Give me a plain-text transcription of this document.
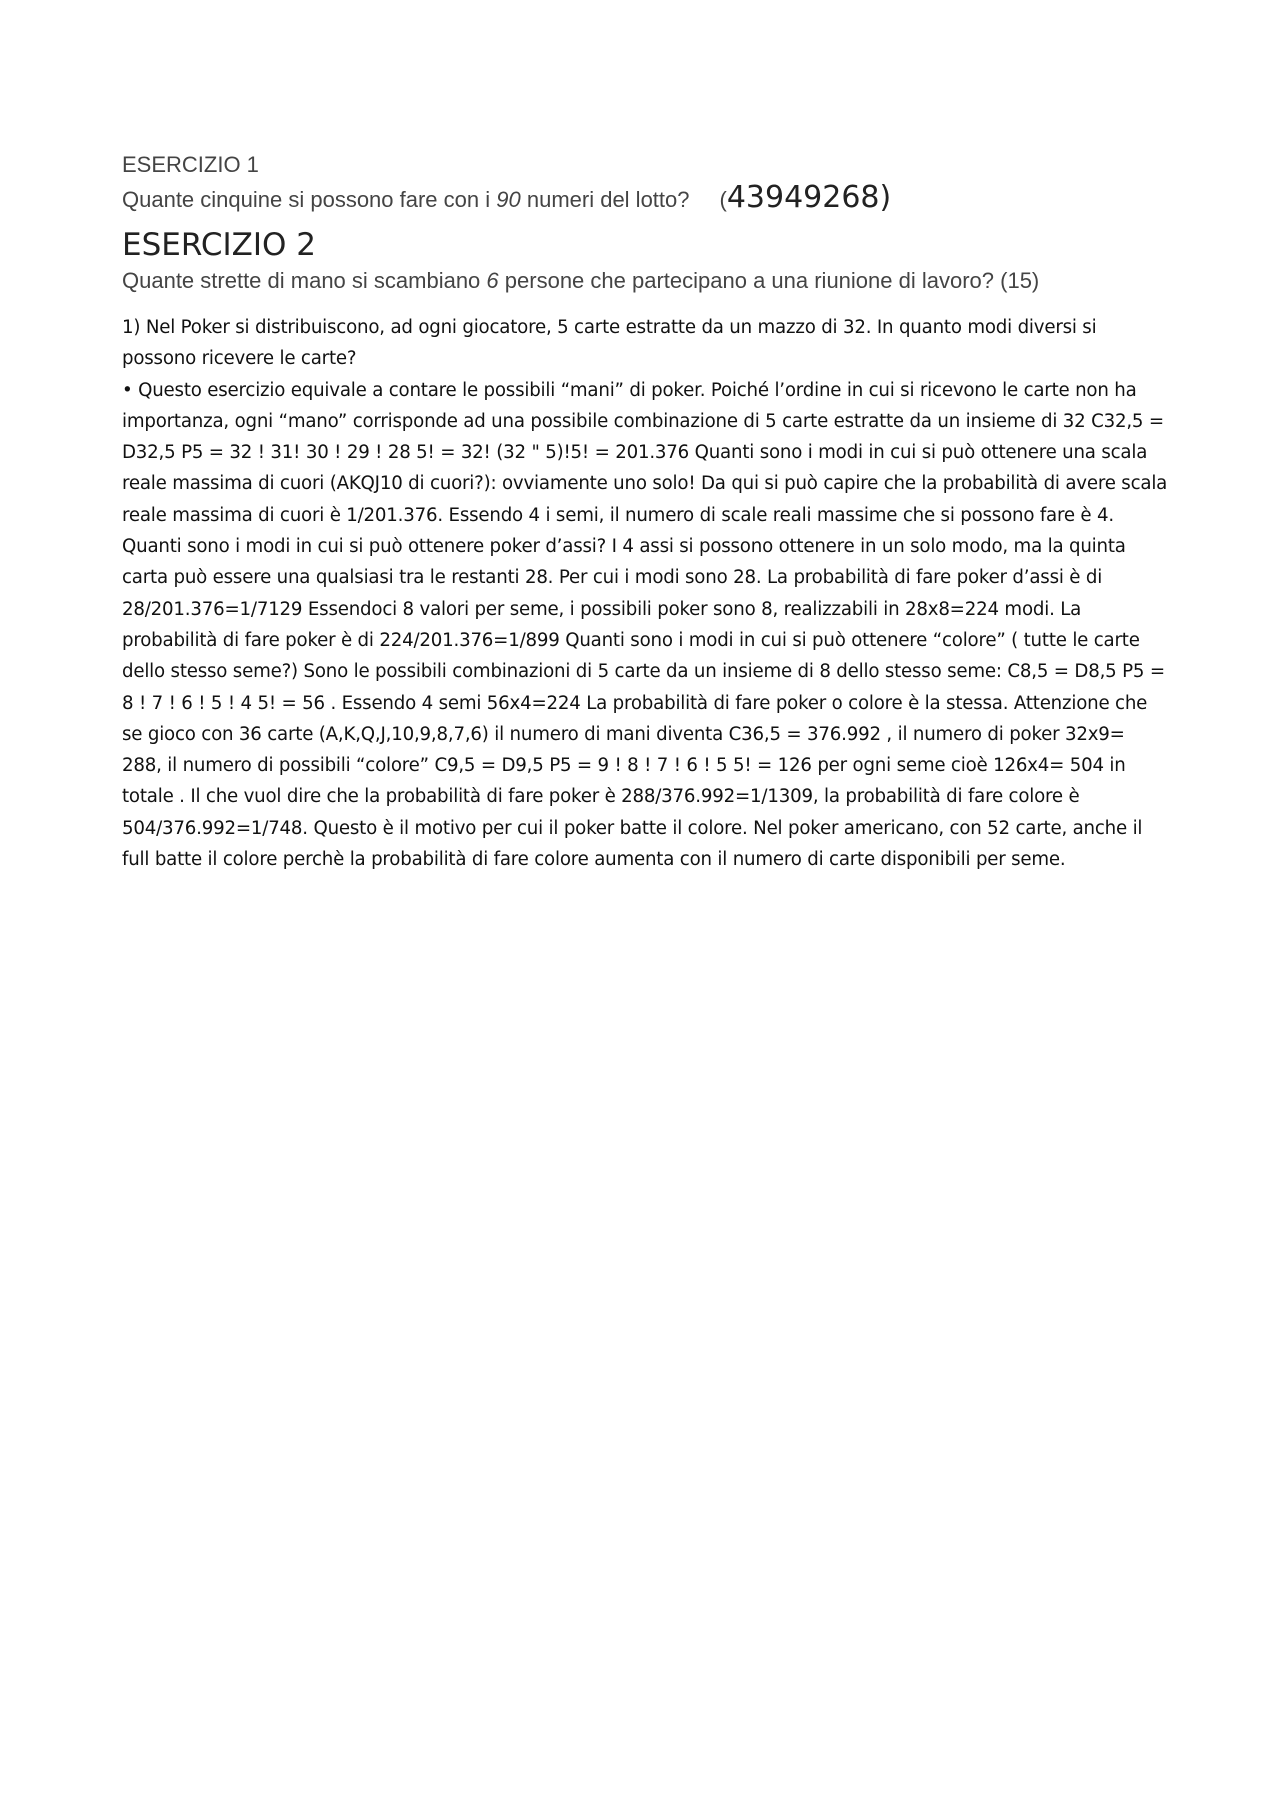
ESERCIZIO 1
Quante cinquine si possono fare con i 90 numeri del lotto? (43949268)
ESERCIZIO 2
Quante strette di mano si scambiano 6 persone che partecipano a una riunione di lavoro? (15)

1) Nel Poker si distribuiscono, ad ogni giocatore, 5 carte estratte da un mazzo di 32. In quanto modi diversi si possono ricevere le carte?

• Questo esercizio equivale a contare le possibili “mani” di poker. Poiché l’ordine in cui si ricevono le carte non ha importanza, ogni “mano” corrisponde ad una possibile combinazione di 5 carte estratte da un insieme di 32 C32,5 = D32,5 P5 = 32 ! 31! 30 ! 29 ! 28 5! = 32! (32 " 5)!5! = 201.376 Quanti sono i modi in cui si può ottenere una scala reale massima di cuori (AKQJ10 di cuori?): ovviamente uno solo! Da qui si può capire che la probabilità di avere scala reale massima di cuori è 1/201.376. Essendo 4 i semi, il numero di scale reali massime che si possono fare è 4. Quanti sono i modi in cui si può ottenere poker d’assi? I 4 assi si possono ottenere in un solo modo, ma la quinta carta può essere una qualsiasi tra le restanti 28. Per cui i modi sono 28. La probabilità di fare poker d’assi è di 28/201.376=1/7129 Essendoci 8 valori per seme, i possibili poker sono 8, realizzabili in 28x8=224 modi. La probabilità di fare poker è di 224/201.376=1/899 Quanti sono i modi in cui si può ottenere “colore” ( tutte le carte dello stesso seme?) Sono le possibili combinazioni di 5 carte da un insieme di 8 dello stesso seme: C8,5 = D8,5 P5 = 8 ! 7 ! 6 ! 5 ! 4 5! = 56 . Essendo 4 semi 56x4=224 La probabilità di fare poker o colore è la stessa. Attenzione che se gioco con 36 carte (A,K,Q,J,10,9,8,7,6) il numero di mani diventa C36,5 = 376.992 , il numero di poker 32x9= 288, il numero di possibili “colore” C9,5 = D9,5 P5 = 9 ! 8 ! 7 ! 6 ! 5 5! = 126 per ogni seme cioè 126x4= 504 in totale . Il che vuol dire che la probabilità di fare poker è 288/376.992=1/1309, la probabilità di fare colore è 504/376.992=1/748. Questo è il motivo per cui il poker batte il colore. Nel poker americano, con 52 carte, anche il full batte il colore perchè la probabilità di fare colore aumenta con il numero di carte disponibili per seme.
